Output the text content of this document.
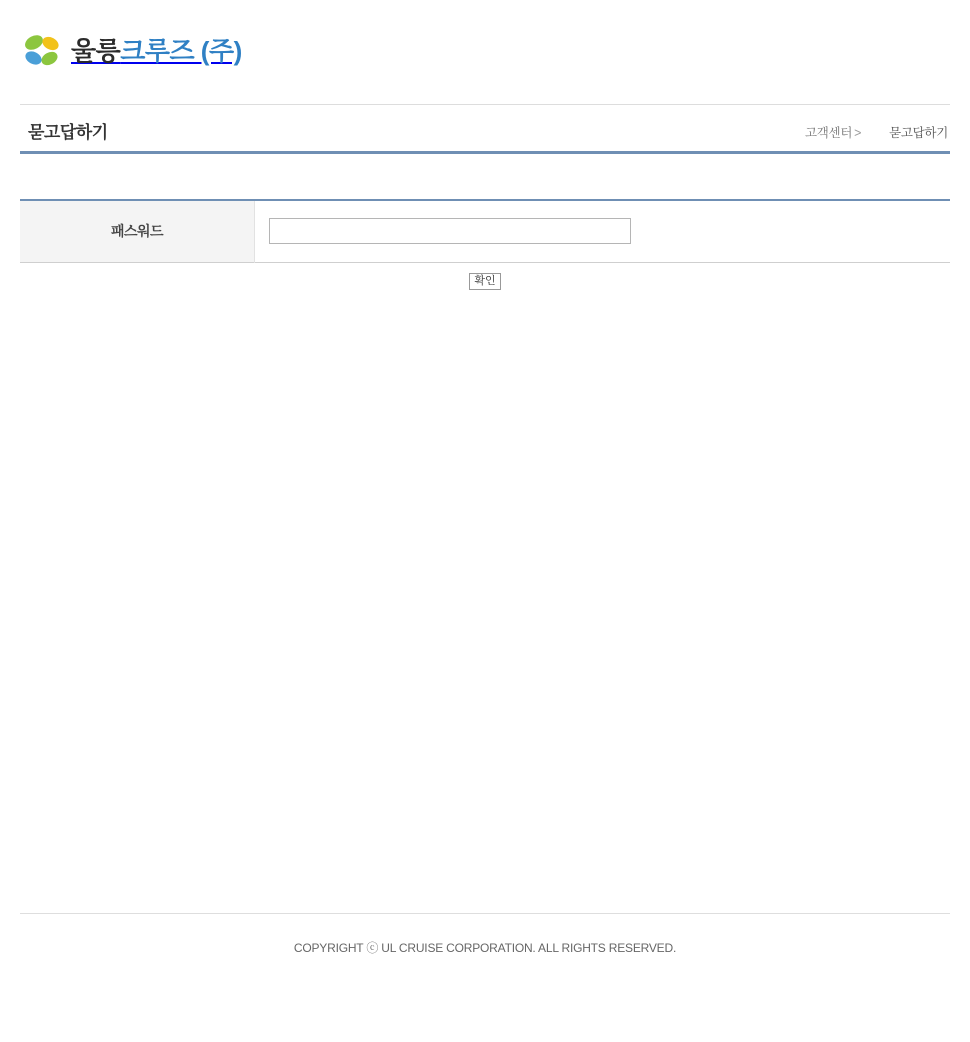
울릉크루즈 (주)
묻고답하기	고객센터 > 묻고답하기
패스워드	
확인
COPYRIGHT ⓒ UL CRUISE CORPORATION. ALL RIGHTS RESERVED.
